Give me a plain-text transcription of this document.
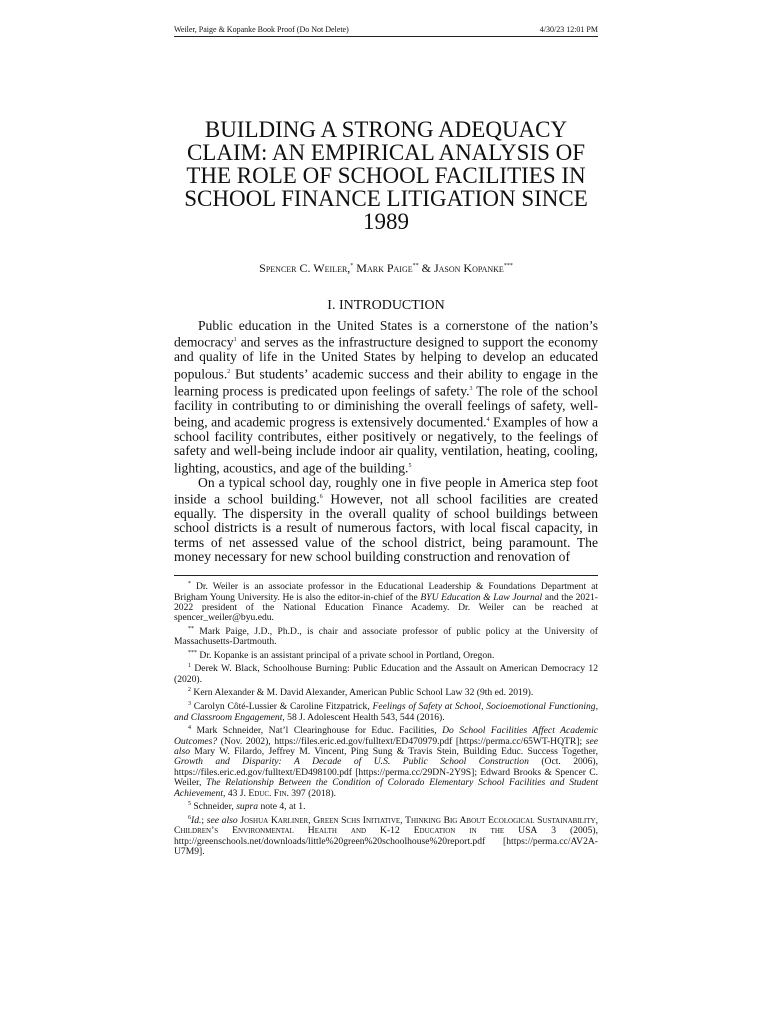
Weiler, Paige & Kopanke Book Proof (Do Not Delete)	4/30/23 12:01 PM
BUILDING A STRONG ADEQUACY CLAIM: AN EMPIRICAL ANALYSIS OF THE ROLE OF SCHOOL FACILITIES IN SCHOOL FINANCE LITIGATION SINCE 1989
Spencer C. Weiler,* Mark Paige** & Jason Kopanke***
I. INTRODUCTION

Public education in the United States is a cornerstone of the nation’s democracy$^1$ and serves as the infrastructure designed to support the economy and quality of life in the United States by helping to develop an educated populous.$^2$ But students’ academic success and their ability to engage in the learning process is predicated upon feelings of safety.$^3$ The role of the school facility in contributing to or diminishing the overall feelings of safety, well-being, and academic progress is extensively documented.$^4$ Examples of how a school facility contributes, either positively or negatively, to the feelings of safety and well-being include indoor air quality, ventilation, heating, cooling, lighting, acoustics, and age of the building.$^5$

On a typical school day, roughly one in five people in America step foot inside a school building.$^6$ However, not all school facilities are created equally. The dispersity in the overall quality of school buildings between school districts is a result of numerous factors, with local fiscal capacity, in terms of net assessed value of the school district, being paramount. The money necessary for new school building construction and renovation of

* Dr. Weiler is an associate professor in the Educational Leadership & Foundations Department at Brigham Young University. He is also the editor-in-chief of the BYU Education & Law Journal and the 2021-2022 president of the National Education Finance Academy. Dr. Weiler can be reached at spencer_weiler@byu.edu.

** Mark Paige, J.D., Ph.D., is chair and associate professor of public policy at the University of Massachusetts-Dartmouth.

*** Dr. Kopanke is an assistant principal of a private school in Portland, Oregon.

$^1$ Derek W. Black, Schoolhouse Burning: Public Education and the Assault on American Democracy 12 (2020).

$^2$ Kern Alexander & M. David Alexander, American Public School Law 32 (9th ed. 2019).

$^3$ Carolyn Côté-Lussier & Caroline Fitzpatrick, Feelings of Safety at School, Socioemotional Functioning, and Classroom Engagement, 58 J. Adolescent Health 543, 544 (2016).

$^4$ Mark Schneider, Nat’l Clearinghouse for Educ. Facilities, Do School Facilities Affect Academic Outcomes? (Nov. 2002), https://files.eric.ed.gov/fulltext/ED470979.pdf [https://perma.cc/65WT-HQTR]; see also Mary W. Filardo, Jeffrey M. Vincent, Ping Sung & Travis Stein, Building Educ. Success Together, Growth and Disparity: A Decade of U.S. Public School Construction (Oct. 2006), https://files.eric.ed.gov/fulltext/ED498100.pdf [https://perma.cc/29DN-2Y9S]; Edward Brooks & Spencer C. Weiler, The Relationship Between the Condition of Colorado Elementary School Facilities and Student Achievement, 43 J. Educ. Fin. 397 (2018).

$^5$ Schneider, supra note 4, at 1.

$^6$Id.; see also Joshua Karliner, Green Schs Initiative, Thinking Big About Ecological Sustainability, Children’s Environmental Health and K-12 Education in the USA 3 (2005), http://greenschools.net/downloads/little%20green%20schoolhouse%20report.pdf [https://perma.cc/AV2A-U7M9].
